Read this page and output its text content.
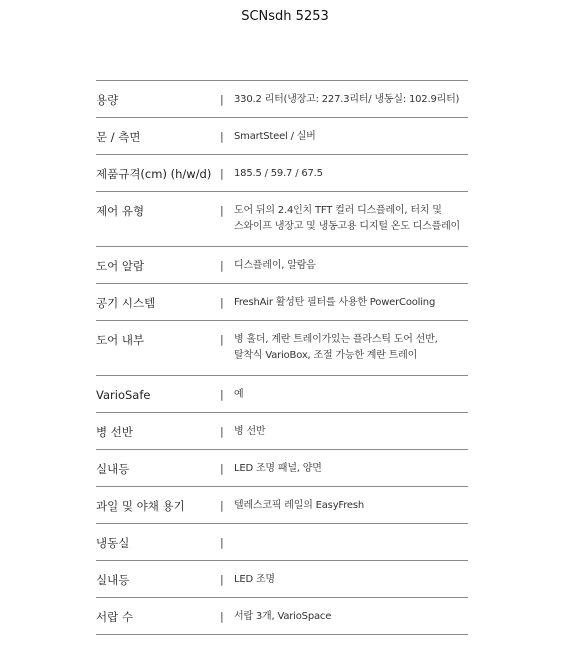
SCNsdh 5253
용량	|	330.2 리터(냉장고: 227.3리터/ 냉동실: 102.9리터)
문 / 측면	|	SmartSteel / 실버
제품규격(cm) (h/w/d) |	185.5 / 59.7 / 67.5
제어 유형	|	도어 뒤의 2.4인치 TFT 컬러 디스플레이, 터치 및
스와이프 냉장고 및 냉동고용 디지털 온도 디스플레이
도어 알람	|	디스플레이, 알람음
공기 시스템	|	FreshAir 활성탄 필터를 사용한 PowerCooling
도어 내부	|	병 홀더, 계란 트레이가있는 플라스틱 도어 선반,
탈착식 VarioBox, 조절 가능한 계란 트레이
VarioSafe	|	예
병 선반	|	병 선반
실내등	|	LED 조명 패널, 양면
과일 및 야채 용기	|	텔레스코픽 레일의 EasyFresh
냉동실	|
실내등	|	LED 조명
서랍 수	|	서랍 3개, VarioSpace
